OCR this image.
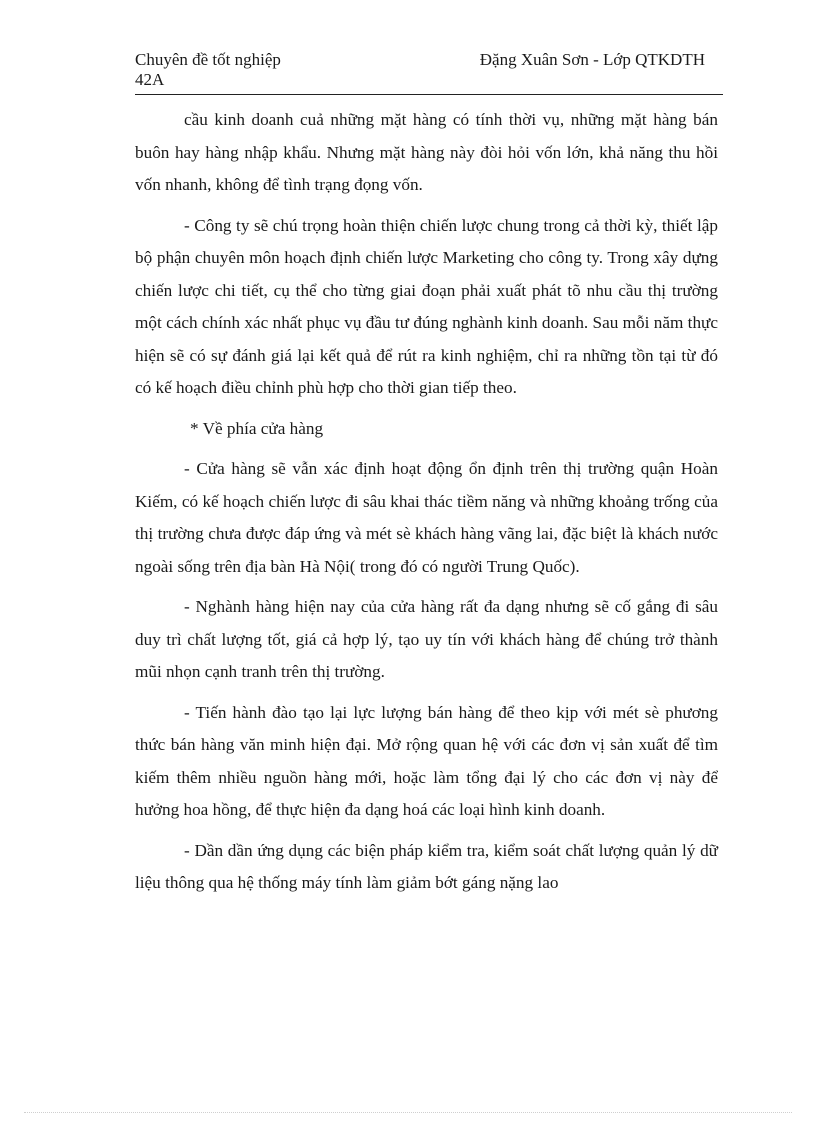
Chuyên đề tốt nghiệp	Đặng Xuân Sơn - Lớp QTKDTH
42A

cầu kinh doanh cuả những mặt hàng có tính thời vụ, những mặt hàng bán buôn hay hàng nhập khẩu. Nhưng mặt hàng này đòi hỏi vốn lớn, khả năng thu hồi vốn nhanh, không để tình trạng đọng vốn.

- Công ty sẽ chú trọng hoàn thiện chiến lược chung trong cả thời kỳ, thiết lập bộ phận chuyên môn hoạch định chiến lược Marketing cho công ty. Trong xây dựng chiến lược chi tiết, cụ thể cho từng giai đoạn phải xuất phát tõ nhu cầu thị trường một cách chính xác nhất phục vụ đầu tư đúng nghành kinh doanh. Sau mỗi năm thực hiện sẽ có sự đánh giá lại kết quả để rút ra kinh nghiệm, chỉ ra những tồn tại từ đó có kế hoạch điều chỉnh phù hợp cho thời gian tiếp theo.

* Về phía cửa hàng

- Cửa hàng sẽ vẫn xác định hoạt động ổn định trên thị trường quận Hoàn Kiếm, có kế hoạch chiến lược đi sâu khai thác tiềm năng và những khoảng trống của thị trường chưa được đáp ứng và mét sè khách hàng vãng lai, đặc biệt là khách nước ngoài sống trên địa bàn Hà Nội( trong đó có người Trung Quốc).

- Nghành hàng hiện nay của cửa hàng rất đa dạng nhưng sẽ cố gắng đi sâu duy trì chất lượng tốt, giá cả hợp lý, tạo uy tín với khách hàng để chúng trở thành mũi nhọn cạnh tranh trên thị trường.

- Tiến hành đào tạo lại lực lượng bán hàng để theo kịp với mét sè phương thức bán hàng văn minh hiện đại. Mở rộng quan hệ với các đơn vị sản xuất để tìm kiếm thêm nhiều nguồn hàng mới, hoặc làm tổng đại lý cho các đơn vị này để hưởng hoa hồng, để thực hiện đa dạng hoá các loại hình kinh doanh.

- Dần dần ứng dụng các biện pháp kiểm tra, kiểm soát chất lượng quản lý dữ liệu thông qua hệ thống máy tính làm giảm bớt gáng nặng lao
